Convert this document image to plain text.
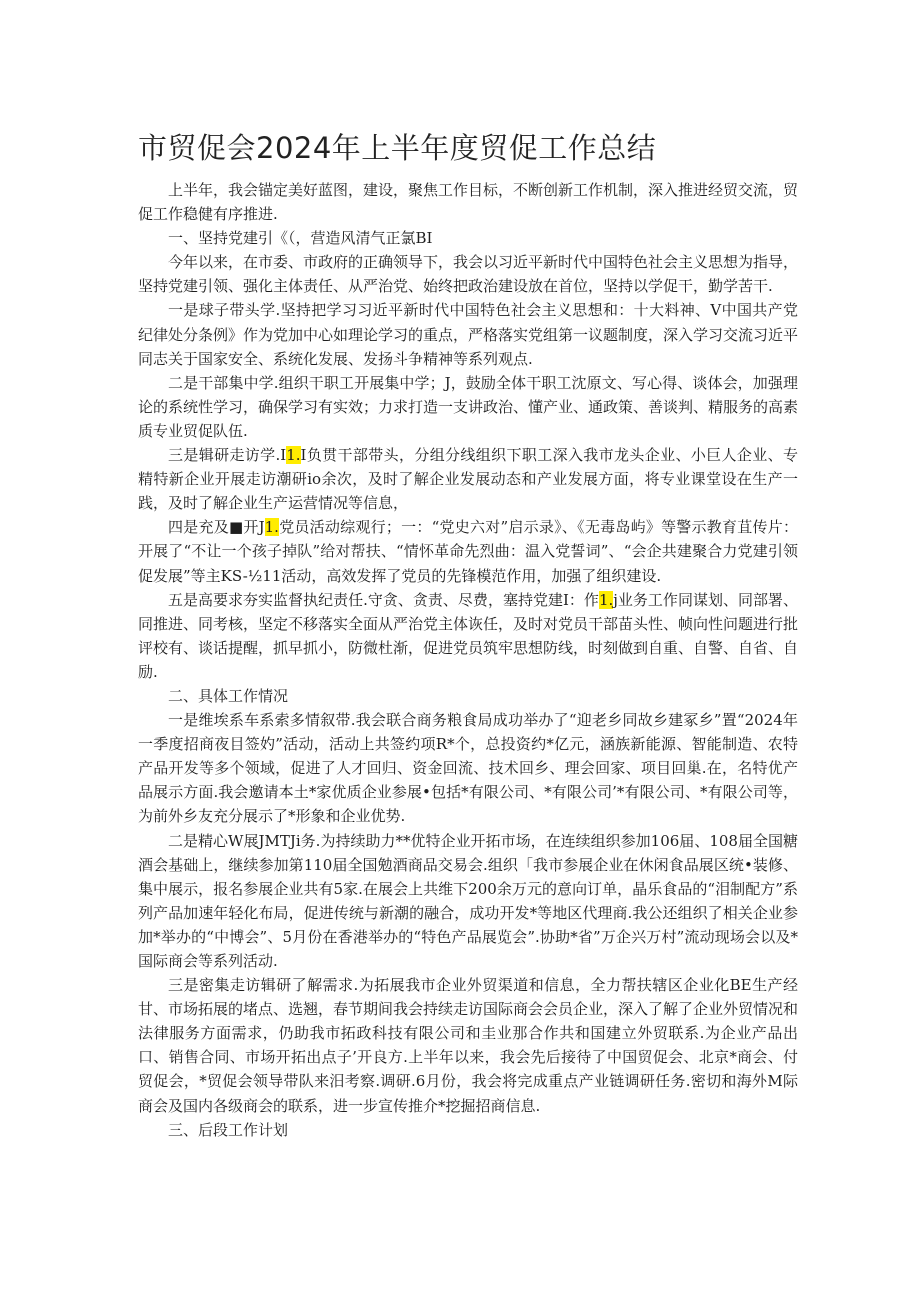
市贸促会2024年上半年度贸促工作总结

上半年，我会锚定美好蓝图，建设，聚焦工作目标，不断创新工作机制，深入推进经贸交流，贸促工作稳健有序推进.

一、坚持党建引《（，营造风清气正氯BI

今年以来，在市委、市政府的正确领导下，我会以习近平新时代中国特色社会主义思想为指导，坚持党建引领、强化主体责任、从严治党、始终把政治建设放在首位，坚持以学促干，勤学苦干.

一是球子带头学.坚持把学习习近平新时代中国特色社会主义思想和：十大料神、V中国共产党纪律处分条例》作为党加中心如理论学习的重点，严格落实党组第一议题制度，深入学习交流习近平同志关于国家安全、系统化发展、发扬斗争精神等系列观点.

二是干部集中学.组织干职工开展集中学；J，鼓励全体干职工沈原文、写心得、谈体会，加强理论的系统性学习，确保学习有实效；力求打造一支讲政治、懂产业、通政策、善谈判、精服务的高素质专业贸促队伍.

三是辑研走访学.I1.I负贯干部带头，分组分线组织下职工深入我市龙头企业、小巨人企业、专精特新企业开展走访潮研io余次，及时了解企业发展动态和产业发展方面，将专业课堂设在生产一践，及时了解企业生产运营情况等信息，

四是充及■开J1.党员活动综观行；一：“党史六对”启示录》、《无毒岛屿》等警示教育苴传片：开展了“不让一个孩子掉队”给对帮扶、“情怀革命先烈曲：温入党誓词”、“会企共建聚合力党建引领促发展”等主KS-½11活动，高效发挥了党员的先锋模范作用，加强了组织建设.

五是高要求夯实监督执纪责任.守贪、贪责、尽费，塞持党建I：作1.j业务工作同谋划、同部署、同推进、同考核，坚定不移落实全面从严治党主体诙任，及时对党员干部苗头性、帧向性问题进行批评校有、谈话提醒，抓早抓小，防微杜渐，促进党员筑牢思想防线，时刻做到自重、自警、自省、自励.

二、具体工作情况

一是维埃系车系索多情叙带.我会联合商务粮食局成功举办了“迎老乡同故乡建冢乡”置“2024年一季度招商夜目签妁”活动，活动上共签约项R*个，总投资约*亿元，涵族新能源、智能制造、农特产品开发等多个领域，促进了人才回归、资金回流、技术回乡、理会回家、项目回巢.在，名特优产品展示方面.我会邀请本土*家优质企业参展•包括*有限公司、*有限公司’*有限公司、*有限公司等，为前外乡友充分展示了*形象和企业优势.

二是精心W展JMTJi务.为持续助力**优特企业开拓市场，在连续组织参加106届、108届全国糖酒会基础上，继续参加第110届全国勉酒商品交易会.组织「我市参展企业在休闲食品展区统•装修、集中展示，报名参展企业共有5家.在展会上共维下200余万元的意向订单，晶乐食品的“泪制配方”系列产品加速年轻化布局，促进传统与新潮的融合，成功开发*等地区代理商.我公还组织了相关企业参加*举办的“中博会”、5月份在香港举办的“特色产品展览会”.协助*省”万企兴万村”流动现场会以及*国际商会等系列活动.

三是密集走访辑研了解需求.为拓展我市企业外贸渠道和信息，全力帮扶辖区企业化BE生产经甘、市场拓展的堵点、选翘，春节期间我会持续走访国际商会会员企业，深入了解了企业外贸情况和法律服务方面需求，仍助我市拓政科技有限公司和圭业那合作共和国建立外贸联系.为企业产品出口、销售合同、市场开拓出点子’开良方.上半年以来，我会先后接待了中国贸促会、北京*商会、付贸促会，*贸促会领导带队来汨考察.调研.6月份，我会将完成重点产业链调研任务.密切和海外M际商会及国内各级商会的联系，进一步宣传推介*挖掘招商信息.

三、后段工作计划
